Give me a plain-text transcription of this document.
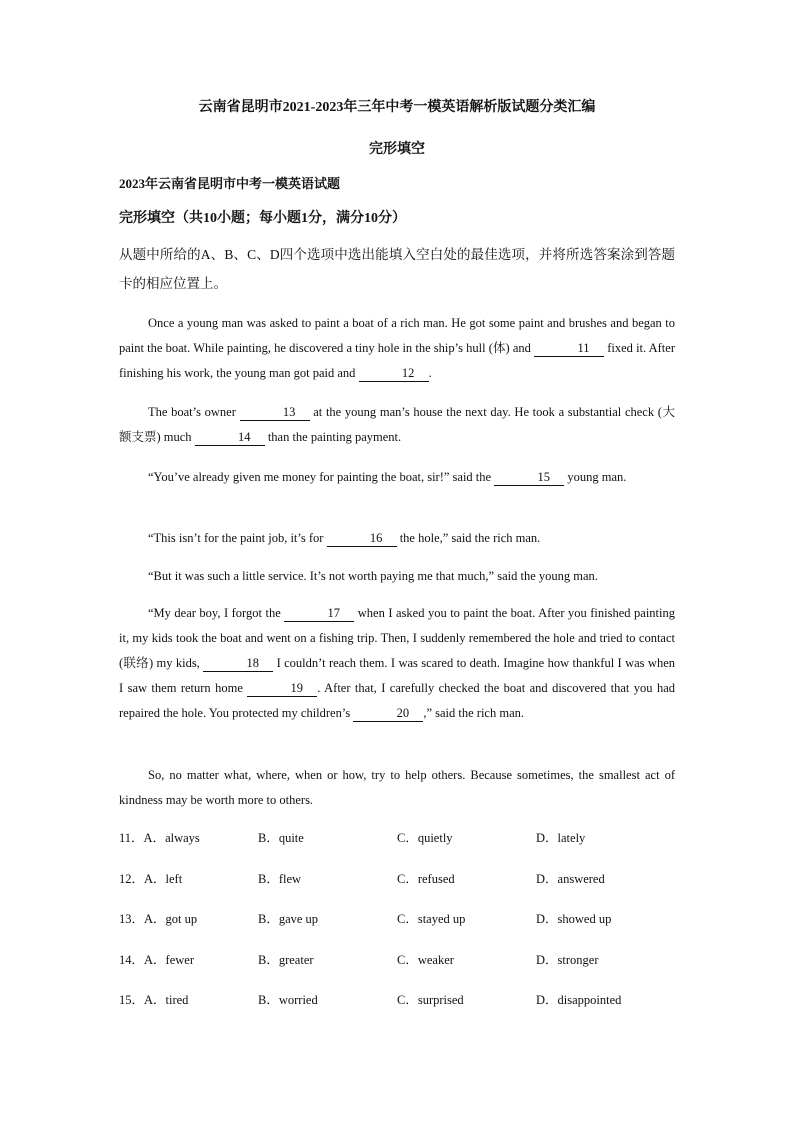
云南省昆明市2021-2023年三年中考一模英语解析版试题分类汇编
完形填空
2023年云南省昆明市中考一模英语试题
完形填空（共10小题；每小题1分，满分10分）

从题中所给的A、B、C、D四个选项中选出能填入空白处的最佳选项，并将所选答案涂到答题卡的相应位置上。

Once a young man was asked to paint a boat of a rich man. He got some paint and brushes and began to paint the boat. While painting, he discovered a tiny hole in the ship’s hull (体) and	11 fixed it. After finishing his work, the young man got paid and	12 .

The boat’s owner	13 at the young man’s house the next day. He took a substantial check (大额支票) much	14 than the painting payment.

“You’ve already given me money for painting the boat, sir!” said the	15 young man.

“This isn’t for the paint job, it’s for	16 the hole,” said the rich man.

“But it was such a little service. It’s not worth paying me that much,” said the young man.

“My dear boy, I forgot the	17 when I asked you to paint the boat. After you finished painting it, my kids took the boat and went on a fishing trip. Then, I suddenly remembered the hole and tried to contact (联络) my kids,	18 I couldn’t reach them. I was scared to death. Imagine how thankful I was when I saw them return home	19 . After that, I carefully checked the boat and discovered that you had repaired the hole. You protected my children’s	20 ,” said the rich man.

So, no matter what, where, when or how, try to help others. Because sometimes, the smallest act of kindness may be worth more to others.

11．A．always	B．quite	C．quietly	D．lately
12．A．left	B．flew	C．refused	D．answered
13．A．got up	B．gave up	C．stayed up	D．showed up
14．A．fewer	B．greater	C．weaker	D．stronger
15．A．tired	B．worried	C．surprised	D．disappointed
